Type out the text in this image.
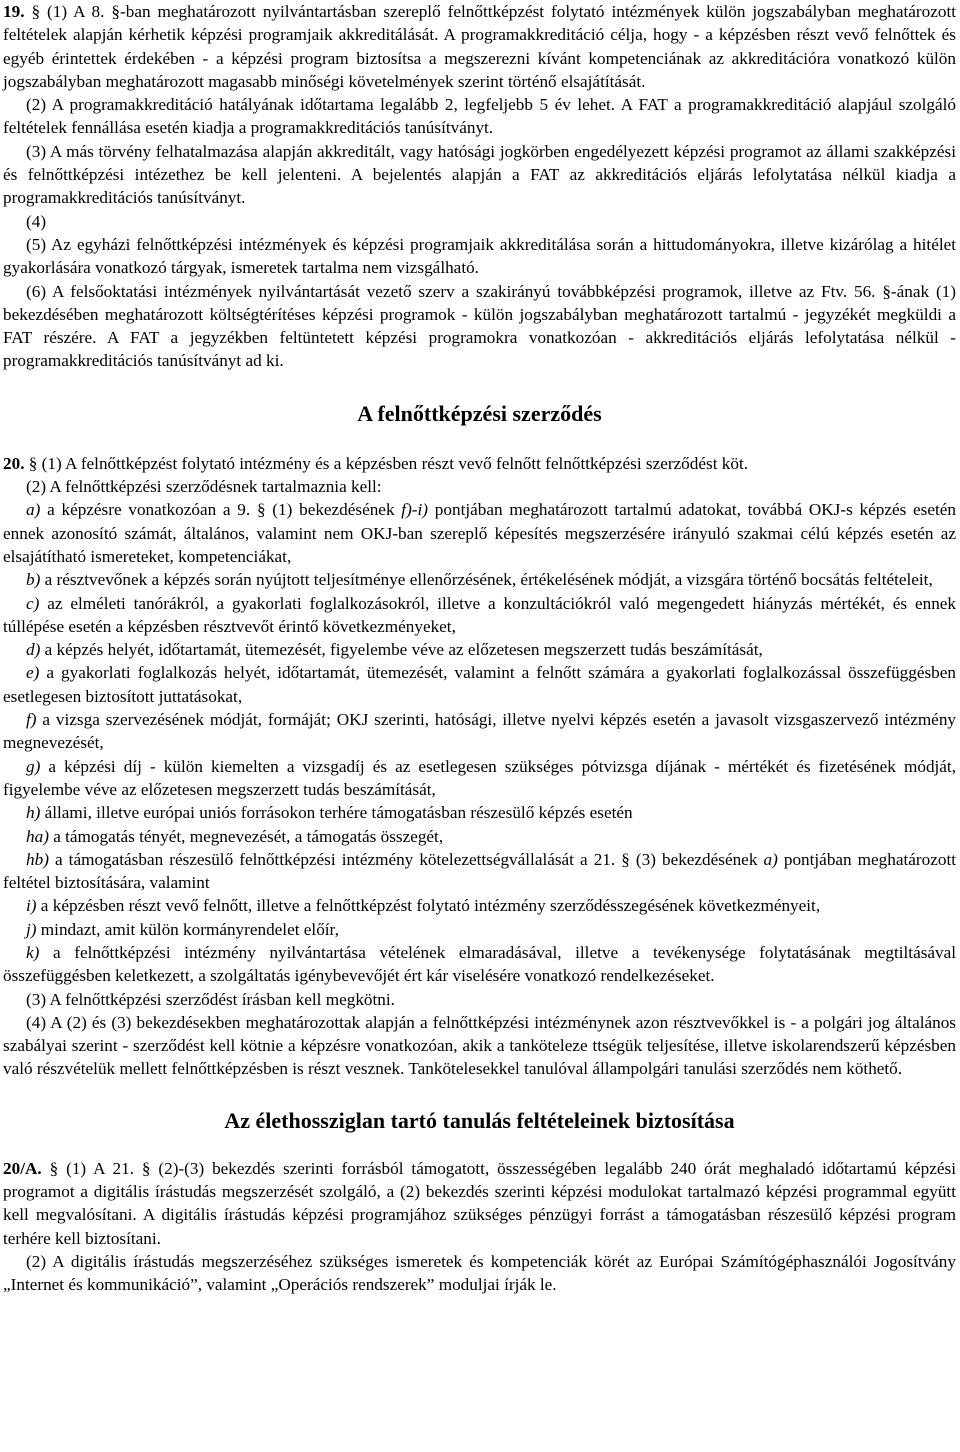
19. § (1) A 8. §-ban meghatározott nyilvántartásban szereplő felnőttképzést folytató intézmények külön jogszabályban meghatározott feltételek alapján kérhetik képzési programjaik akkreditálását. A programakkreditáció célja, hogy - a képzésben részt vevő felnőttek és egyéb érintettek érdekében - a képzési program biztosítsa a megszerezni kívánt kompetenciának az akkreditációra vonatkozó külön jogszabályban meghatározott magasabb minőségi követelmények szerint történő elsajátítását.

(2) A programakkreditáció hatályának időtartama legalább 2, legfeljebb 5 év lehet. A FAT a programakkreditáció alapjául szolgáló feltételek fennállása esetén kiadja a programakkreditációs tanúsítványt.

(3) A más törvény felhatalmazása alapján akkreditált, vagy hatósági jogkörben engedélyezett képzési programot az állami szakképzési és felnőttképzési intézethez be kell jelenteni. A bejelentés alapján a FAT az akkreditációs eljárás lefolytatása nélkül kiadja a programakkreditációs tanúsítványt.

(4)

(5) Az egyházi felnőttképzési intézmények és képzési programjaik akkreditálása során a hittudományokra, illetve kizárólag a hitélet gyakorlására vonatkozó tárgyak, ismeretek tartalma nem vizsgálható.

(6) A felsőoktatási intézmények nyilvántartását vezető szerv a szakirányú továbbképzési programok, illetve az Ftv. 56. §-ának (1) bekezdésében meghatározott költségtérítéses képzési programok - külön jogszabályban meghatározott tartalmú - jegyzékét megküldi a FAT részére. A FAT a jegyzékben feltüntetett képzési programokra vonatkozóan - akkreditációs eljárás lefolytatása nélkül - programakkreditációs tanúsítványt ad ki.

A felnőttképzési szerződés

20. § (1) A felnőttképzést folytató intézmény és a képzésben részt vevő felnőtt felnőttképzési szerződést köt.

(2) A felnőttképzési szerződésnek tartalmaznia kell:

a) a képzésre vonatkozóan a 9. § (1) bekezdésének f)-i) pontjában meghatározott tartalmú adatokat, továbbá OKJ-s képzés esetén ennek azonosító számát, általános, valamint nem OKJ-ban szereplő képesítés megszerzésére irányuló szakmai célú képzés esetén az elsajátítható ismereteket, kompetenciákat,

b) a résztvevőnek a képzés során nyújtott teljesítménye ellenőrzésének, értékelésének módját, a vizsgára történő bocsátás feltételeit,

c) az elméleti tanórákról, a gyakorlati foglalkozásokról, illetve a konzultációkról való megengedett hiányzás mértékét, és ennek túllépése esetén a képzésben résztvevőt érintő következményeket,

d) a képzés helyét, időtartamát, ütemezését, figyelembe véve az előzetesen megszerzett tudás beszámítását,

e) a gyakorlati foglalkozás helyét, időtartamát, ütemezését, valamint a felnőtt számára a gyakorlati foglalkozással összefüggésben esetlegesen biztosított juttatásokat,

f) a vizsga szervezésének módját, formáját; OKJ szerinti, hatósági, illetve nyelvi képzés esetén a javasolt vizsgaszervező intézmény megnevezését,

g) a képzési díj - külön kiemelten a vizsgadíj és az esetlegesen szükséges pótvizsga díjának - mértékét és fizetésének módját, figyelembe véve az előzetesen megszerzett tudás beszámítását,

h) állami, illetve európai uniós forrásokon terhére támogatásban részesülő képzés esetén

ha) a támogatás tényét, megnevezését, a támogatás összegét,

hb) a támogatásban részesülő felnőttképzési intézmény kötelezettségvállalását a 21. § (3) bekezdésének a) pontjában meghatározott feltétel biztosítására, valamint

i) a képzésben részt vevő felnőtt, illetve a felnőttképzést folytató intézmény szerződésszegésének következményeit,

j) mindazt, amit külön kormányrendelet előír,

k) a felnőttképzési intézmény nyilvántartása vételének elmaradásával, illetve a tevékenysége folytatásának megtiltásával összefüggésben keletkezett, a szolgáltatás igénybevevőjét ért kár viselésére vonatkozó rendelkezéseket.

(3) A felnőttképzési szerződést írásban kell megkötni.

(4) A (2) és (3) bekezdésekben meghatározottak alapján a felnőttképzési intézménynek azon résztvevőkkel is - a polgári jog általános szabályai szerint - szerződést kell kötnie a képzésre vonatkozóan, akik a tanköteleze ttségük teljesítése, illetve iskolarendszerű képzésben való részvételük mellett felnőttképzésben is részt vesznek. Tankötelesekkel tanulóval állampolgári tanulási szerződés nem köthető.

Az élethossziglan tartó tanulás feltételeinek biztosítása

20/A. § (1) A 21. § (2)-(3) bekezdés szerinti forrásból támogatott, összességében legalább 240 órát meghaladó időtartamú képzési programot a digitális írástudás megszerzését szolgáló, a (2) bekezdés szerinti képzési modulokat tartalmazó képzési programmal együtt kell megvalósítani. A digitális írástudás képzési programjához szükséges pénzügyi forrást a támogatásban részesülő képzési program terhére kell biztosítani.

(2) A digitális írástudás megszerzéséhez szükséges ismeretek és kompetenciák körét az Európai Számítógéphasználói Jogosítvány „Internet és kommunikáció”, valamint „Operációs rendszerek” moduljai írják le.
